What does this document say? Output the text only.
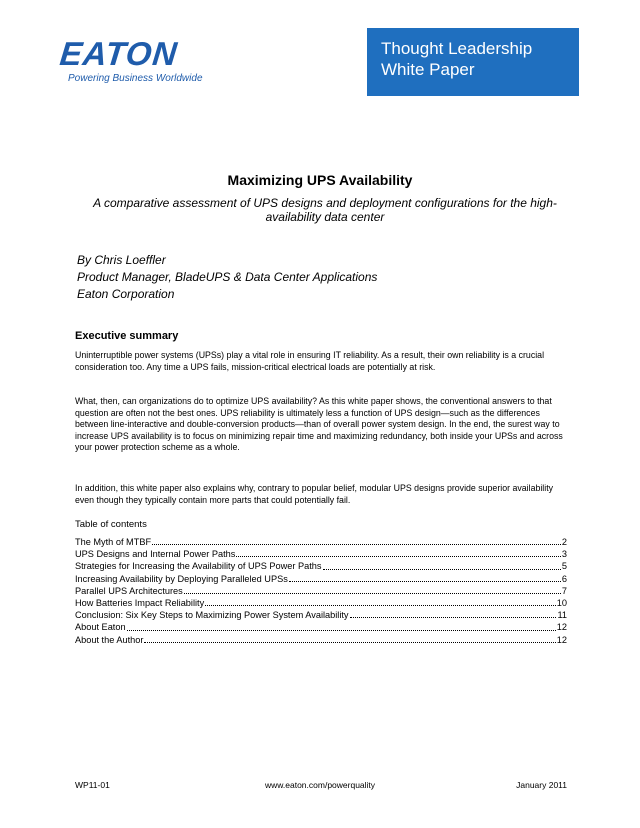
EATON
Powering Business Worldwide
Thought Leadership
White Paper
Maximizing UPS Availability
A comparative assessment of UPS designs and deployment configurations for the high-availability data center
By Chris Loeffler
Product Manager, BladeUPS & Data Center Applications
Eaton Corporation
Executive summary
Uninterruptible power systems (UPSs) play a vital role in ensuring IT reliability. As a result, their own reliability is a crucial consideration too. Any time a UPS fails, mission-critical electrical loads are potentially at risk.
What, then, can organizations do to optimize UPS availability? As this white paper shows, the conventional answers to that question are often not the best ones. UPS reliability is ultimately less a function of UPS design—such as the differences between line-interactive and double-conversion products—than of overall power system design. In the end, the surest way to increase UPS availability is to focus on minimizing repair time and maximizing redundancy, both inside your UPSs and across your power protection scheme as a whole.
In addition, this white paper also explains why, contrary to popular belief, modular UPS designs provide superior availability even though they typically contain more parts that could potentially fail.
Table of contents
The Myth of MTBF	2
UPS Designs and Internal Power Paths	3
Strategies for Increasing the Availability of UPS Power Paths	5
Increasing Availability by Deploying Paralleled UPSs	6
Parallel UPS Architectures	7
How Batteries Impact Reliability	10
Conclusion: Six Key Steps to Maximizing Power System Availability	11
About Eaton	12
About the Author	12
WP11-01	www.eaton.com/powerquality	January 2011
